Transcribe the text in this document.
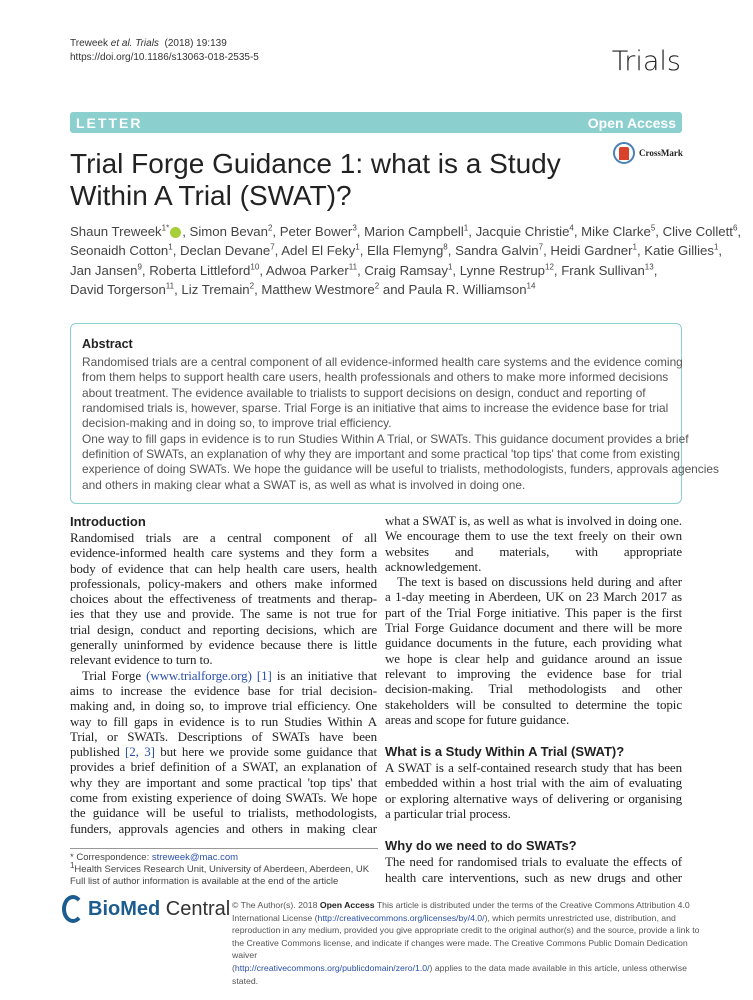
Treweek et al. Trials (2018) 19:139
https://doi.org/10.1186/s13063-018-2535-5	Trials
LETTER	Open Access
CrossMark
Trial Forge Guidance 1: what is a Study Within A Trial (SWAT)?
Shaun Treweek$^{1*}$ , Simon Bevan$^2$, Peter Bower$^3$, Marion Campbell$^1$, Jacquie Christie$^4$, Mike Clarke$^5$, Clive Collett$^6$,
Seonaidh Cotton$^1$, Declan Devane$^7$, Adel El Feky$^1$, Ella Flemyng$^8$, Sandra Galvin$^7$, Heidi Gardner$^1$, Katie Gillies$^1$,
Jan Jansen$^9$, Roberta Littleford$^{10}$, Adwoa Parker$^{11}$, Craig Ramsay$^1$, Lynne Restrup$^{12}$, Frank Sullivan$^{13}$,
David Torgerson$^{11}$, Liz Tremain$^2$, Matthew Westmore$^2$ and Paula R. Williamson$^{14}$
Abstract
Randomised trials are a central component of all evidence-informed health care systems and the evidence coming
from them helps to support health care users, health professionals and others to make more informed decisions
about treatment. The evidence available to trialists to support decisions on design, conduct and reporting of
randomised trials is, however, sparse. Trial Forge is an initiative that aims to increase the evidence base for trial
decision-making and in doing so, to improve trial efficiency.
One way to fill gaps in evidence is to run Studies Within A Trial, or SWATs. This guidance document provides a brief
definition of SWATs, an explanation of why they are important and some practical 'top tips' that come from existing
experience of doing SWATs. We hope the guidance will be useful to trialists, methodologists, funders, approvals agencies
and others in making clear what a SWAT is, as well as what is involved in doing one.
Introduction
Randomised trials are a central component of all
evidence-informed health care systems and they form a
body of evidence that can help health care users, health
professionals, policy-makers and others make informed
choices about the effectiveness of treatments and therap-
ies that they use and provide. The same is not true for
trial design, conduct and reporting decisions, which are
generally uninformed by evidence because there is little
relevant evidence to turn to.
Trial Forge (www.trialforge.org) [1] is an initiative that
aims to increase the evidence base for trial decision-
making and, in doing so, to improve trial efficiency. One
way to fill gaps in evidence is to run Studies Within A
Trial, or SWATs. Descriptions of SWATs have been
published [2, 3] but here we provide some guidance that
provides a brief definition of a SWAT, an explanation of
why they are important and some practical 'top tips' that
come from existing experience of doing SWATs. We hope
the guidance will be useful to trialists, methodologists,
funders, approvals agencies and others in making clear
what a SWAT is, as well as what is involved in doing one.
We encourage them to use the text freely on their own
websites and materials, with appropriate
acknowledgement.
The text is based on discussions held during and after
a 1-day meeting in Aberdeen, UK on 23 March 2017 as
part of the Trial Forge initiative. This paper is the first
Trial Forge Guidance document and there will be more
guidance documents in the future, each providing what
we hope is clear help and guidance around an issue
relevant to improving the evidence base for trial
decision-making. Trial methodologists and other
stakeholders will be consulted to determine the topic
areas and scope for future guidance.
What is a Study Within A Trial (SWAT)?
A SWAT is a self-contained research study that has been
embedded within a host trial with the aim of evaluating
or exploring alternative ways of delivering or organising
a particular trial process.
Why do we need to do SWATs?
The need for randomised trials to evaluate the effects of
health care interventions, such as new drugs and other
* Correspondence: streweek@mac.com
$^1$Health Services Research Unit, University of Aberdeen, Aberdeen, UK
Full list of author information is available at the end of the article
BioMed Central © The Author(s). 2018 Open Access This article is distributed under the terms of the Creative Commons Attribution 4.0
International License (http://creativecommons.org/licenses/by/4.0/), which permits unrestricted use, distribution, and
reproduction in any medium, provided you give appropriate credit to the original author(s) and the source, provide a link to
the Creative Commons license, and indicate if changes were made. The Creative Commons Public Domain Dedication waiver
(http://creativecommons.org/publicdomain/zero/1.0/) applies to the data made available in this article, unless otherwise stated.
